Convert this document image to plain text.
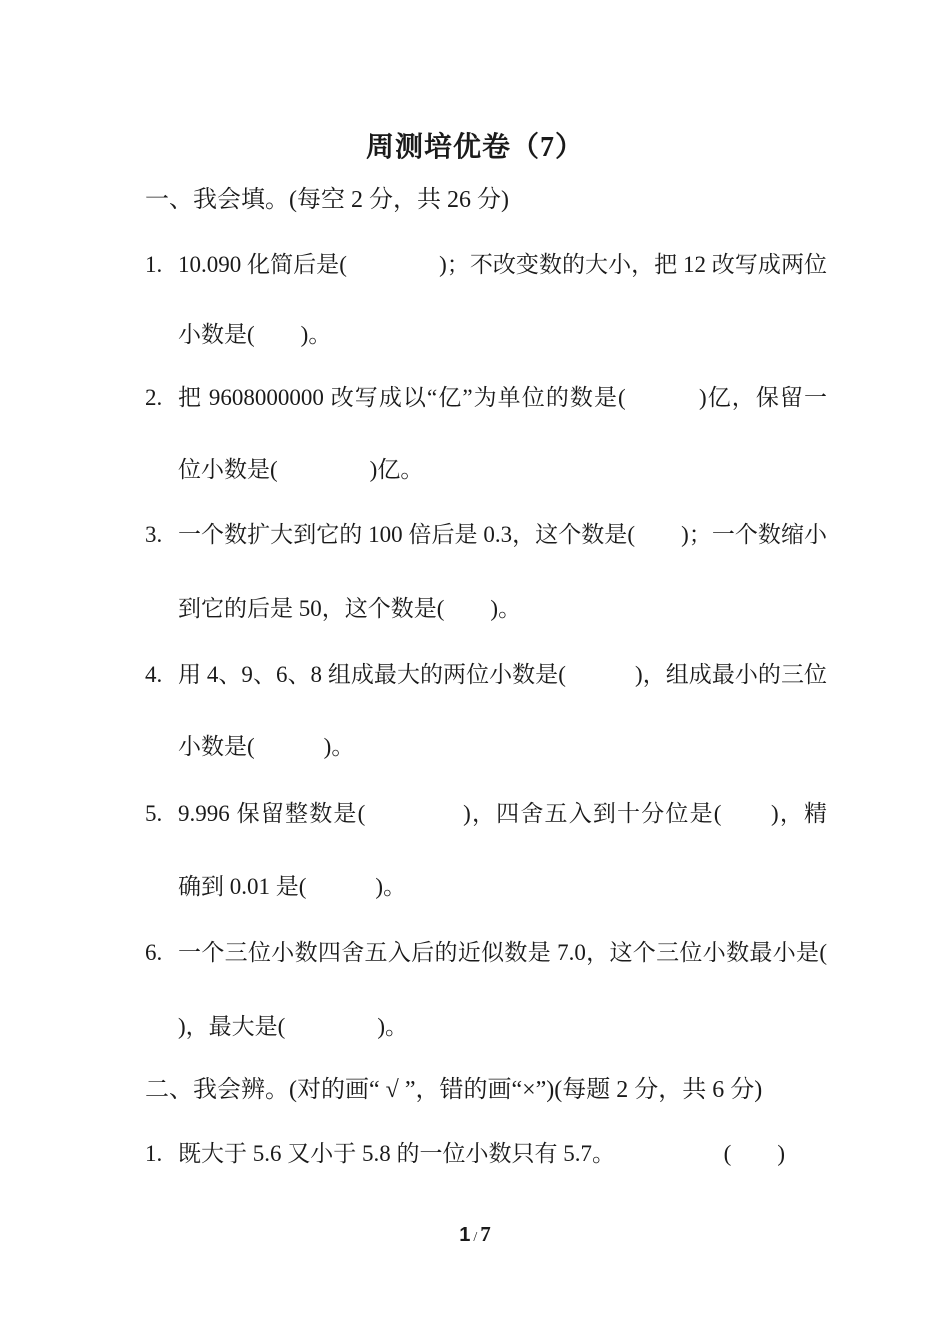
周测培优卷（7）
一、我会填。(每空 2 分，共 26 分)
1. 10.090 化简后是(　　　　)；不改变数的大小，把 12 改写成两位
小数是(　　)。
2. 把 9608000000 改写成以“亿”为单位的数是(　　　)亿，保留一
位小数是(　　　　)亿。
3. 一个数扩大到它的 100 倍后是 0.3，这个数是(　　)；一个数缩小
到它的后是 50，这个数是(　　)。
4. 用 4、9、6、8 组成最大的两位小数是(　　　)，组成最小的三位
小数是(　　　)。
5. 9.996 保留整数是(　　　　)，四舍五入到十分位是(　　)，精
确到 0.01 是(　　　)。
6. 一个三位小数四舍五入后的近似数是 7.0，这个三位小数最小是(
)，最大是(　　　　)。
二、我会辨。(对的画“ √ ”，错的画“×”)(每题 2 分，共 6 分)
1. 既大于 5.6 又小于 5.8 的一位小数只有 5.7。	(　　)
1 / 7
